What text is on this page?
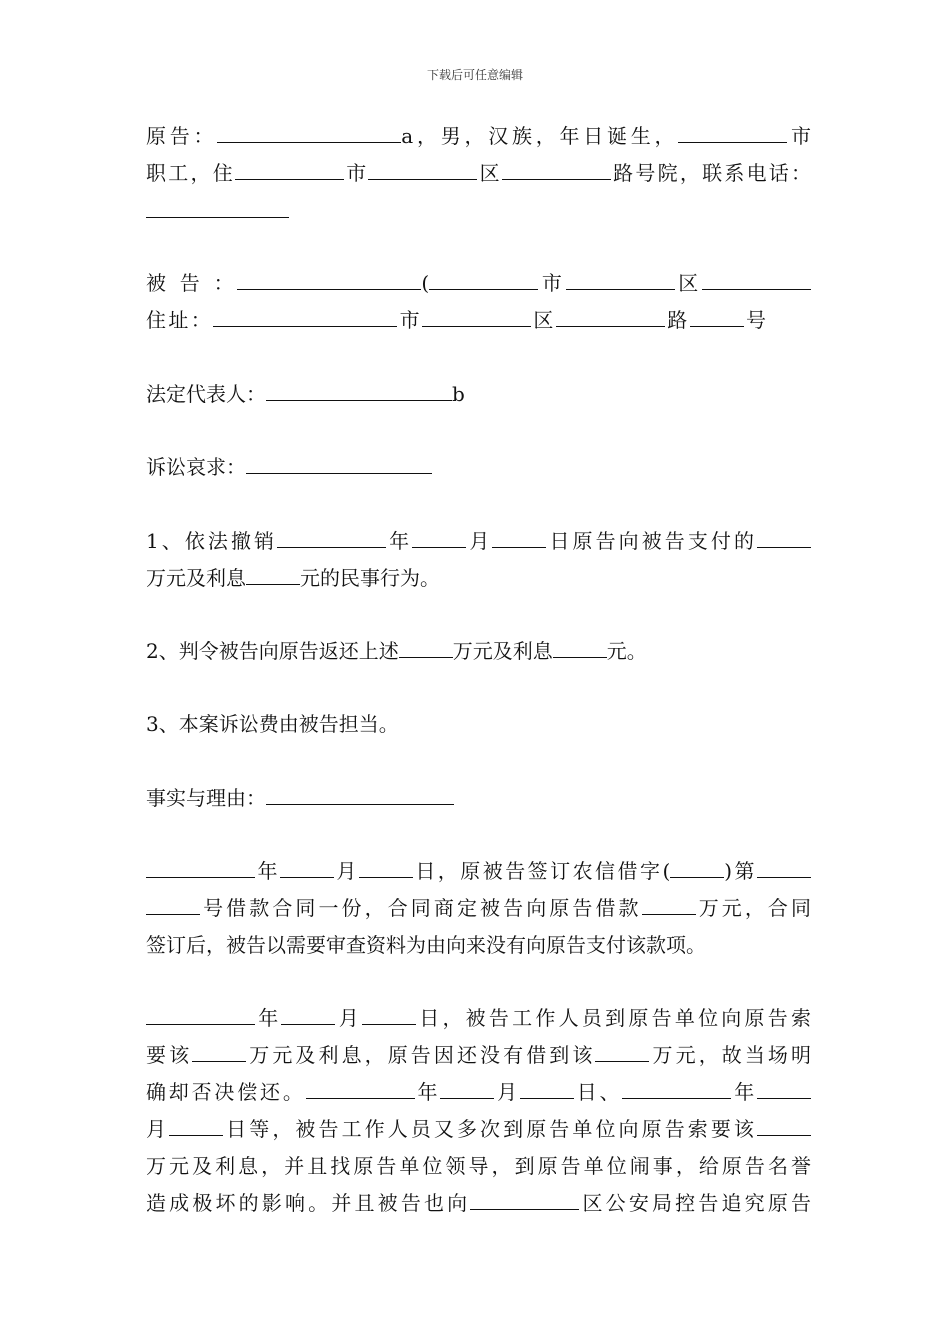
下载后可任意编辑
原告：	a，男，汉族，年日诞生，	市
职工，住	市	区	路号院，联系电话：
被 告 ：	(	市	区
住址：	市	区	路	号
法定代表人：	b
诉讼哀求：
1、依法撤销	年	月	日原告向被告支付的
万元及利息	元的民事行为。
2、判令被告向原告返还上述	万元及利息	元。
3、本案诉讼费由被告担当。
事实与理由：
年	月	日，原被告签订农信借字(	)第
号借款合同一份，合同商定被告向原告借款	万元，合同
签订后，被告以需要审查资料为由向来没有向原告支付该款项。
年	月	日，被告工作人员到原告单位向原告索
要该	万元及利息，原告因还没有借到该	万元，故当场明
确却否决偿还。	年	月	日、	年
月	日等，被告工作人员又多次到原告单位向原告索要该
万元及利息，并且找原告单位领导，到原告单位闹事，给原告名誉
造成极坏的影响。并且被告也向	区公安局控告追究原告
